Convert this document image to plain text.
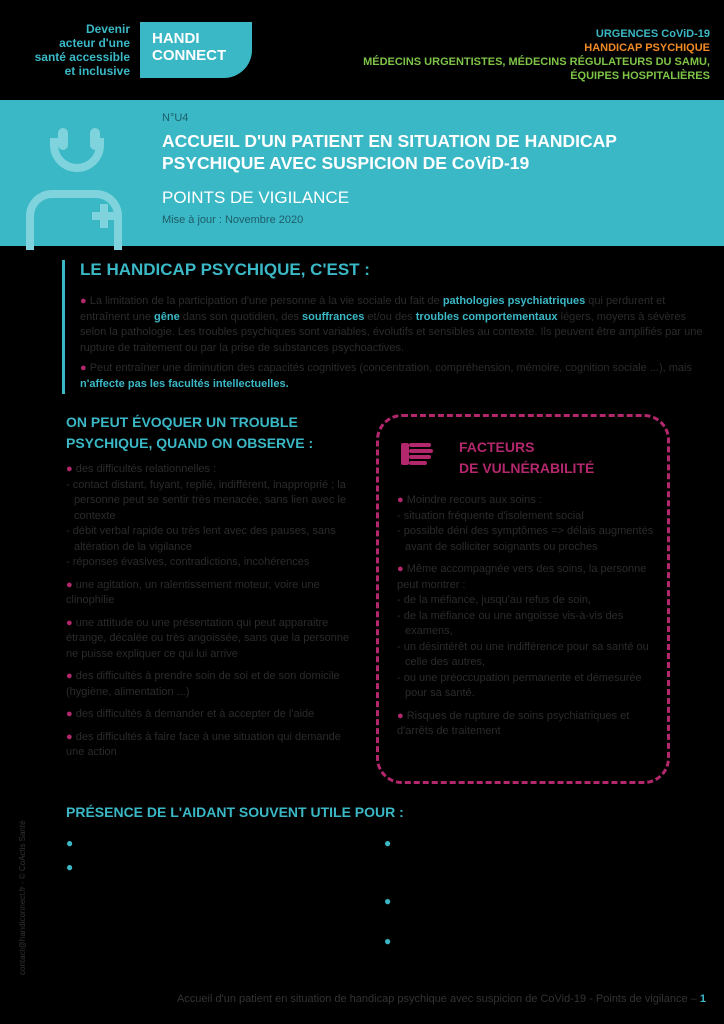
Devenir
acteur d'une
santé accessible
et inclusive
HANDI
CONNECT
URGENCES CoViD-19
HANDICAP PSYCHIQUE
MÉDECINS URGENTISTES, MÉDECINS RÉGULATEURS DU SAMU,
ÉQUIPES HOSPITALIÈRES
N°U4
ACCUEIL D'UN PATIENT EN SITUATION DE HANDICAP PSYCHIQUE AVEC SUSPICION DE CoViD-19
POINTS DE VIGILANCE
Mise à jour : Novembre 2020
LE HANDICAP PSYCHIQUE, C'EST :

● La limitation de la participation d'une personne à la vie sociale du fait de pathologies psychiatriques qui perdurent et entraînent une gêne dans son quotidien, des souffrances et/ou des troubles comportementaux légers, moyens à sévères selon la pathologie. Les troubles psychiques sont variables, évolutifs et sensibles au contexte. Ils peuvent être amplifiés par une rupture de traitement ou par la prise de substances psychoactives.

● Peut entraîner une diminution des capacités cognitives (concentration, compréhension, mémoire, cognition sociale ...), mais n'affecte pas les facultés intellectuelles.

ON PEUT ÉVOQUER UN TROUBLE PSYCHIQUE, QUAND ON OBSERVE :
● des difficultés relationnelles :
- contact distant, fuyant, replié, indifférent, inapproprié ; la personne peut se sentir très menacée, sans lien avec le contexte
- débit verbal rapide ou très lent avec des pauses, sans altération de la vigilance
- réponses évasives, contradictions, incohérences
● une agitation, un ralentissement moteur, voire une clinophilie
● une attitude ou une présentation qui peut apparaitre étrange, décalée ou très angoissée, sans que la personne ne puisse expliquer ce qui lui arrive
● des difficultés à prendre soin de soi et de son domicile (hygiène, alimentation ...)
● des difficultés à demander et à accepter de l'aide
● des difficultés à faire face à une situation qui demande une action
FACTEURS
DE VULNÉRABILITÉ
● Moindre recours aux soins :
- situation fréquente d'isolement social
- possible déni des symptômes => délais augmentés avant de solliciter soignants ou proches
● Même accompagnée vers des soins, la personne peut montrer :
- de la méfiance, jusqu'au refus de soin,
- de la méfiance ou une angoisse vis-à-vis des examens,
- un désintérêt ou une indifférence pour sa santé ou celle des autres,
- ou une préoccupation permanente et démesurée pour sa santé.
● Risques de rupture de soins psychiatriques et d'arrêts de traitement
PRÉSENCE DE L'AIDANT SOUVENT UTILE POUR :
●
●
●
●
●
contact@handiconnect.fr - © CoActis Santé
Accueil d'un patient en situation de handicap psychique avec suspicion de CoVid-19 - Points de vigilance – 1
